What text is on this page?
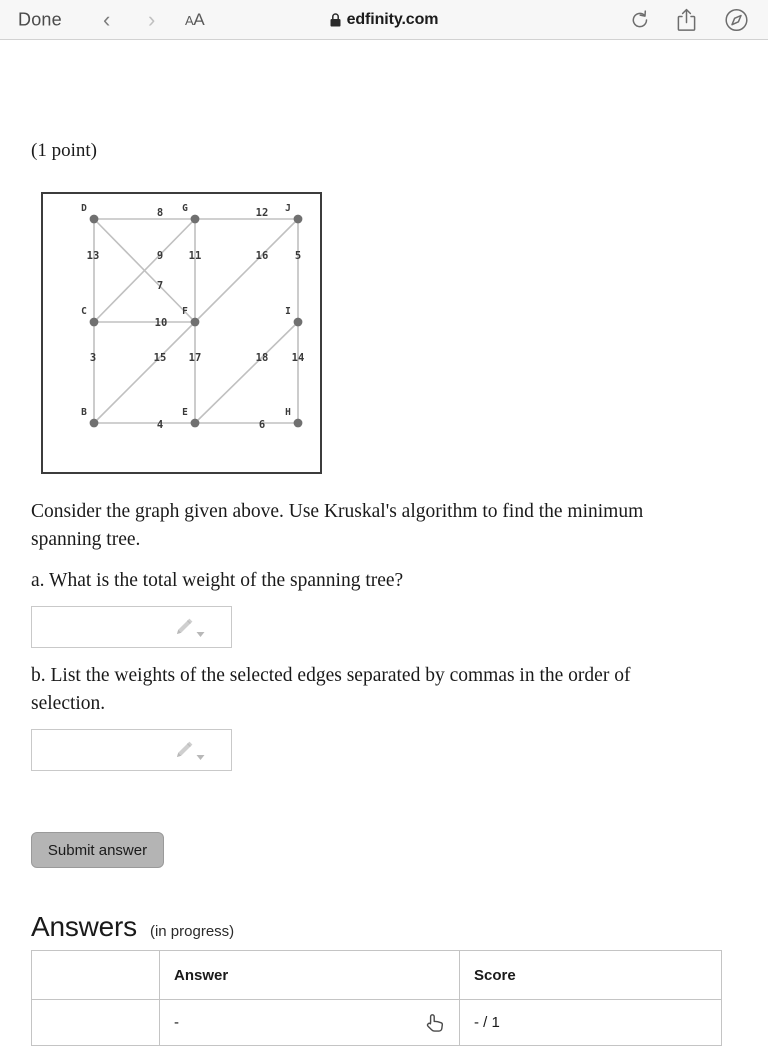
Done ‹ › AA	edfinity.com
(1 point)
8	12
13	9 11	16	5
7
10
3	15 17	18 14
4	6
D	G	J
C	F	I
B	E	H
Consider the graph given above. Use Kruskal's algorithm to find the minimum spanning tree.
a. What is the total weight of the spanning tree?
b. List the weights of the selected edges separated by commas in the order of selection.
Submit answer
Answers (in progress)
	Answer	Score

	-	- / 1
